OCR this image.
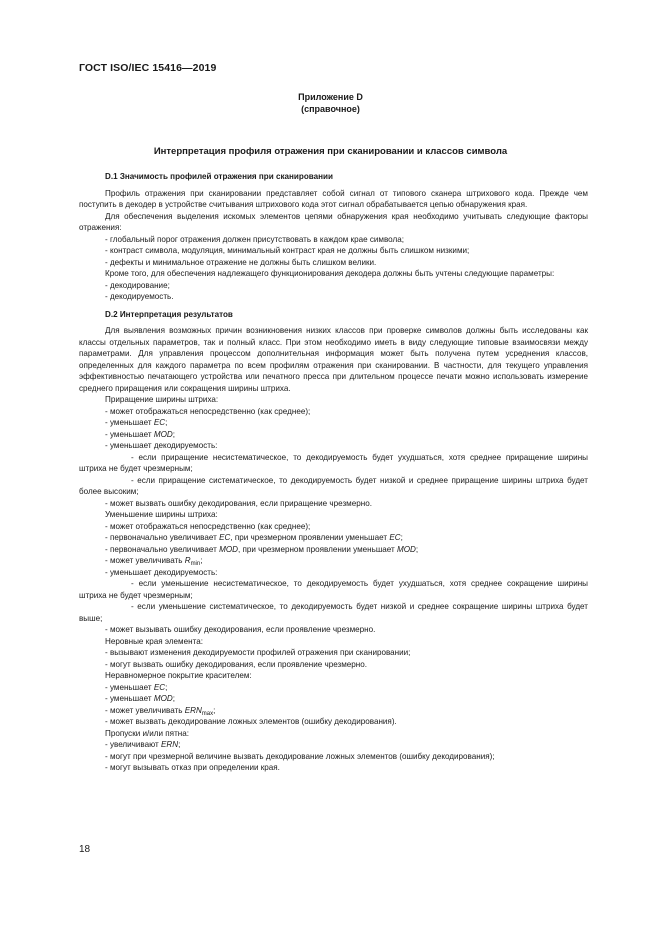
ГОСТ ISO/IEC 15416—2019
Приложение D
(справочное)
Интерпретация профиля отражения при сканировании и классов символа
D.1 Значимость профилей отражения при сканировании

Профиль отражения при сканировании представляет собой сигнал от типового сканера штрихового кода. Прежде чем поступить в декодер в устройстве считывания штрихового кода этот сигнал обрабатывается цепью обнаружения края.

Для обеспечения выделения искомых элементов цепями обнаружения края необходимо учитывать следующие факторы отражения:

- глобальный порог отражения должен присутствовать в каждом крае символа;

- контраст символа, модуляция, минимальный контраст края не должны быть слишком низкими;

- дефекты и минимальное отражение не должны быть слишком велики.

Кроме того, для обеспечения надлежащего функционирования декодера должны быть учтены следующие параметры:

- декодирование;

- декодируемость.

D.2 Интерпретация результатов

Для выявления возможных причин возникновения низких классов при проверке символов должны быть исследованы как классы отдельных параметров, так и полный класс. При этом необходимо иметь в виду следующие типовые взаимосвязи между параметрами. Для управления процессом дополнительная информация может быть получена путем усреднения классов, определенных для каждого параметра по всем профилям отражения при сканировании. В частности, для текущего управления эффективностью печатающего устройства или печатного пресса при длительном процессе печати можно использовать измерение среднего приращения или сокращения ширины штриха.

Приращение ширины штриха:

- может отображаться непосредственно (как среднее);

- уменьшает EC;

- уменьшает MOD;

- уменьшает декодируемость:

- если приращение несистематическое, то декодируемость будет ухудшаться, хотя среднее приращение ширины штриха не будет чрезмерным;

- если приращение систематическое, то декодируемость будет низкой и среднее приращение ширины штриха будет более высоким;

- может вызвать ошибку декодирования, если приращение чрезмерно.

Уменьшение ширины штриха:

- может отображаться непосредственно (как среднее);

- первоначально увеличивает EC, при чрезмерном проявлении уменьшает EC;

- первоначально увеличивает MOD, при чрезмерном проявлении уменьшает MOD;

- может увеличивать $R_{min}$;

- уменьшает декодируемость:

- если уменьшение несистематическое, то декодируемость будет ухудшаться, хотя среднее сокращение ширины штриха не будет чрезмерным;

- если уменьшение систематическое, то декодируемость будет низкой и среднее сокращение ширины штриха будет выше;

- может вызывать ошибку декодирования, если проявление чрезмерно.

Неровные края элемента:

- вызывают изменения декодируемости профилей отражения при сканировании;

- могут вызвать ошибку декодирования, если проявление чрезмерно.

Неравномерное покрытие красителем:

- уменьшает EC;

- уменьшает MOD;

- может увеличивать $ERN_{max}$;

- может вызвать декодирование ложных элементов (ошибку декодирования).

Пропуски и/или пятна:

- увеличивают ERN;

- могут при чрезмерной величине вызвать декодирование ложных элементов (ошибку декодирования);

- могут вызывать отказ при определении края.

18
